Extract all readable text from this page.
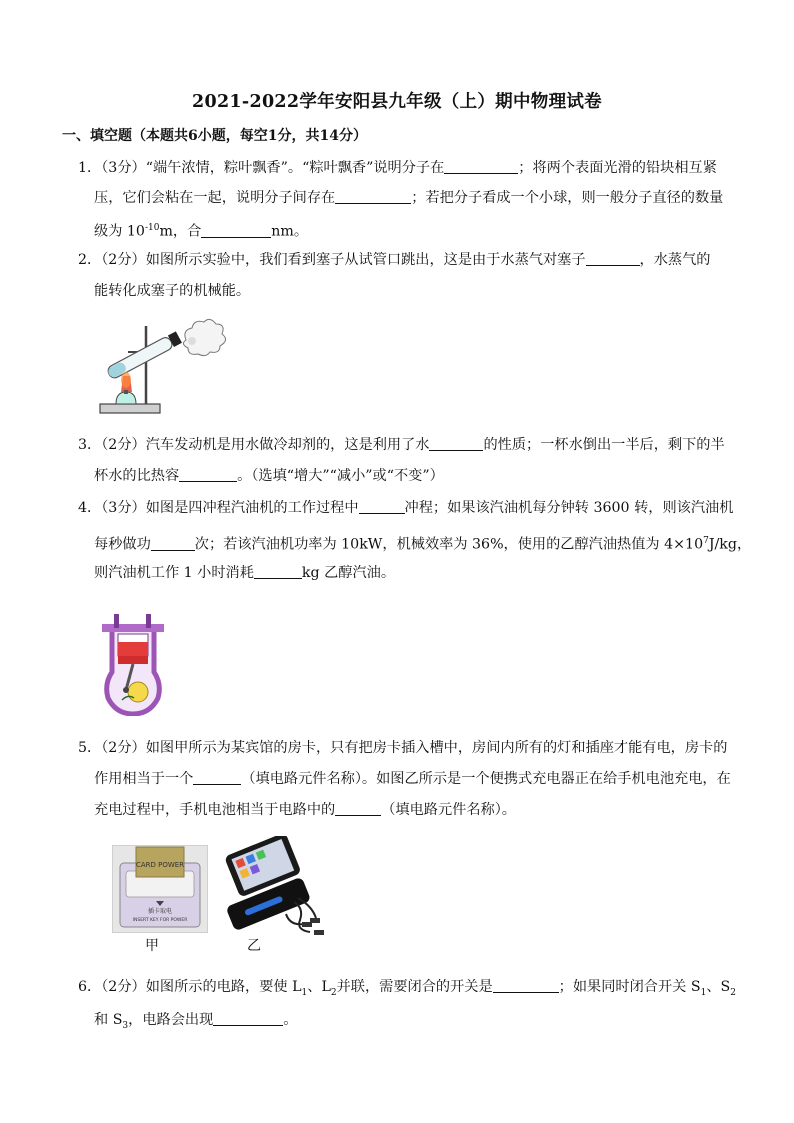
2021-2022学年安阳县九年级（上）期中物理试卷
一、填空题（本题共6小题，每空1分，共14分）
1．（3分）“端午浓情，粽叶飘香”。“粽叶飘香”说明分子在	；将两个表面光滑的铅块相互紧
压，它们会粘在一起，说明分子间存在	；若把分子看成一个小球，则一般分子直径的数量
级为 $10^{-10}m$，合	nm。
2．（2分）如图所示实验中，我们看到塞子从试管口跳出，这是由于水蒸气对塞子	，水蒸气的
能转化成塞子的机械能。
3．（2分）汽车发动机是用水做冷却剂的，这是利用了水	的性质；一杯水倒出一半后，剩下的半
杯水的比热容	。（选填“增大”“减小”或“不变”）
4．（3分）如图是四冲程汽油机的工作过程中	冲程；如果该汽油机每分钟转 3600 转，则该汽油机
每秒做功	次；若该汽油机功率为 10kW，机械效率为 36%，使用的乙醇汽油热值为 $4\times 10^7J/kg$，
则汽油机工作 1 小时消耗	kg 乙醇汽油。
5．（2分）如图甲所示为某宾馆的房卡，只有把房卡插入槽中，房间内所有的灯和插座才能有电，房卡的
作用相当于一个	（填电路元件名称）。如图乙所示是一个便携式充电器正在给手机电池充电，在
充电过程中，手机电池相当于电路中的	（填电路元件名称）。
CARD POWER
插卡取电
INSERT KEY FOR POWER
甲	乙
6．（2分）如图所示的电路，要使 $L_1$、$L_2$并联，需要闭合的开关是	；如果同时闭合开关 $S_1$、$S_2$
和 $S_3$，电路会出现	。
